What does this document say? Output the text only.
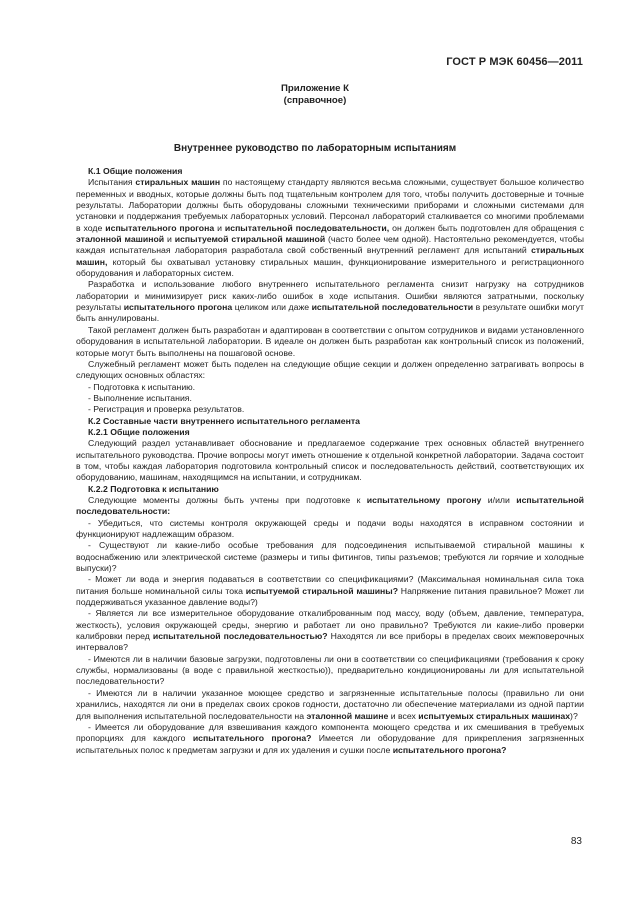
ГОСТ Р МЭК 60456—2011
Приложение К
(справочное)
Внутреннее руководство по лабораторным испытаниям

К.1 Общие положения

Испытания стиральных машин по настоящему стандарту являются весьма сложными, существует большое количество переменных и вводных, которые должны быть под тщательным контролем для того, чтобы получить достоверные и точные результаты. Лаборатории должны быть оборудованы сложными техническими приборами и сложными системами для установки и поддержания требуемых лабораторных условий. Персонал лабораторий сталкивается со многими проблемами в ходе испытательного прогона и испытательной последовательности, он должен быть подготовлен для обращения с эталонной машиной и испытуемой стиральной машиной (часто более чем одной). Настоятельно рекомендуется, чтобы каждая испытательная лаборатория разработала свой собственный внутренний регламент для испытаний стиральных машин, который бы охватывал установку стиральных машин, функционирование измерительного и регистрационного оборудования и лабораторных систем.

Разработка и использование любого внутреннего испытательного регламента снизит нагрузку на сотрудников лаборатории и минимизирует риск каких-либо ошибок в ходе испытания. Ошибки являются затратными, поскольку результаты испытательного прогона целиком или даже испытательной последовательности в результате ошибки могут быть аннулированы.

Такой регламент должен быть разработан и адаптирован в соответствии с опытом сотрудников и видами установленного оборудования в испытательной лаборатории. В идеале он должен быть разработан как контрольный список из положений, которые могут быть выполнены на пошаговой основе.

Служебный регламент может быть поделен на следующие общие секции и должен определенно затрагивать вопросы в следующих основных областях:

- Подготовка к испытанию.

- Выполнение испытания.

- Регистрация и проверка результатов.

К.2 Составные части внутреннего испытательного регламента

К.2.1 Общие положения

Следующий раздел устанавливает обоснование и предлагаемое содержание трех основных областей внутреннего испытательного руководства. Прочие вопросы могут иметь отношение к отдельной конкретной лаборатории. Задача состоит в том, чтобы каждая лаборатория подготовила контрольный список и последовательность действий, соответствующих их оборудованию, машинам, находящимся на испытании, и сотрудникам.

К.2.2 Подготовка к испытанию

Следующие моменты должны быть учтены при подготовке к испытательному прогону и/или испытательной последовательности:

- Убедиться, что системы контроля окружающей среды и подачи воды находятся в исправном состоянии и функционируют надлежащим образом.

- Существуют ли какие-либо особые требования для подсоединения испытываемой стиральной машины к водоснабжению или электрической системе (размеры и типы фитингов, типы разъемов; требуются ли горячие и холодные выпуски)?

- Может ли вода и энергия подаваться в соответствии со спецификациями? (Максимальная номинальная сила тока питания больше номинальной силы тока испытуемой стиральной машины? Напряжение питания правильное? Может ли поддерживаться указанное давление воды?)

- Является ли все измерительное оборудование откалиброванным под массу, воду (объем, давление, температура, жесткость), условия окружающей среды, энергию и работает ли оно правильно? Требуются ли какие-либо проверки калибровки перед испытательной последовательностью? Находятся ли все приборы в пределах своих межповерочных интервалов?

- Имеются ли в наличии базовые загрузки, подготовлены ли они в соответствии со спецификациями (требования к сроку службы, нормализованы (в воде с правильной жесткостью)), предварительно кондиционированы ли для испытательной последовательности?

- Имеются ли в наличии указанное моющее средство и загрязненные испытательные полосы (правильно ли они хранились, находятся ли они в пределах своих сроков годности, достаточно ли обеспечение материалами из одной партии для выполнения испытательной последовательности на эталонной машине и всех испытуемых стиральных машинах)?

- Имеется ли оборудование для взвешивания каждого компонента моющего средства и их смешивания в требуемых пропорциях для каждого испытательного прогона? Имеется ли оборудование для прикрепления загрязненных испытательных полос к предметам загрузки и для их удаления и сушки после испытательного прогона?

83
